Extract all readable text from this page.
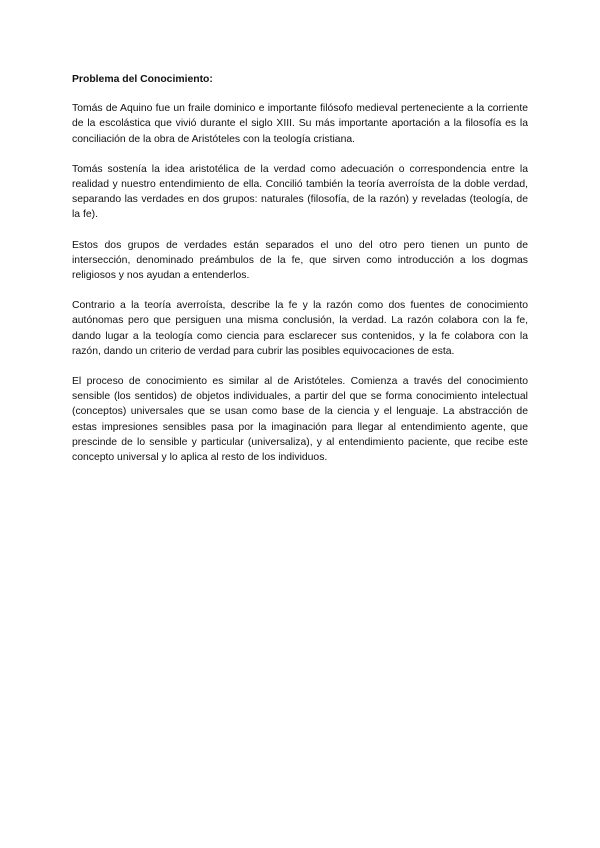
Problema del Conocimiento:

Tomás de Aquino fue un fraile dominico e importante filósofo medieval perteneciente a la corriente de la escolástica que vivió durante el siglo XIII. Su más importante aportación a la filosofía es la conciliación de la obra de Aristóteles con la teología cristiana.

Tomás sostenía la idea aristotélica de la verdad como adecuación o correspondencia entre la realidad y nuestro entendimiento de ella. Concilió también la teoría averroísta de la doble verdad, separando las verdades en dos grupos: naturales (filosofía, de la razón) y reveladas (teología, de la fe).

Estos dos grupos de verdades están separados el uno del otro pero tienen un punto de intersección, denominado preámbulos de la fe, que sirven como introducción a los dogmas religiosos y nos ayudan a entenderlos.

Contrario a la teoría averroísta, describe la fe y la razón como dos fuentes de conocimiento autónomas pero que persiguen una misma conclusión, la verdad. La razón colabora con la fe, dando lugar a la teología como ciencia para esclarecer sus contenidos, y la fe colabora con la razón, dando un criterio de verdad para cubrir las posibles equivocaciones de esta.

El proceso de conocimiento es similar al de Aristóteles. Comienza a través del conocimiento sensible (los sentidos) de objetos individuales, a partir del que se forma conocimiento intelectual (conceptos) universales que se usan como base de la ciencia y el lenguaje. La abstracción de estas impresiones sensibles pasa por la imaginación para llegar al entendimiento agente, que prescinde de lo sensible y particular (universaliza), y al entendimiento paciente, que recibe este concepto universal y lo aplica al resto de los individuos.
